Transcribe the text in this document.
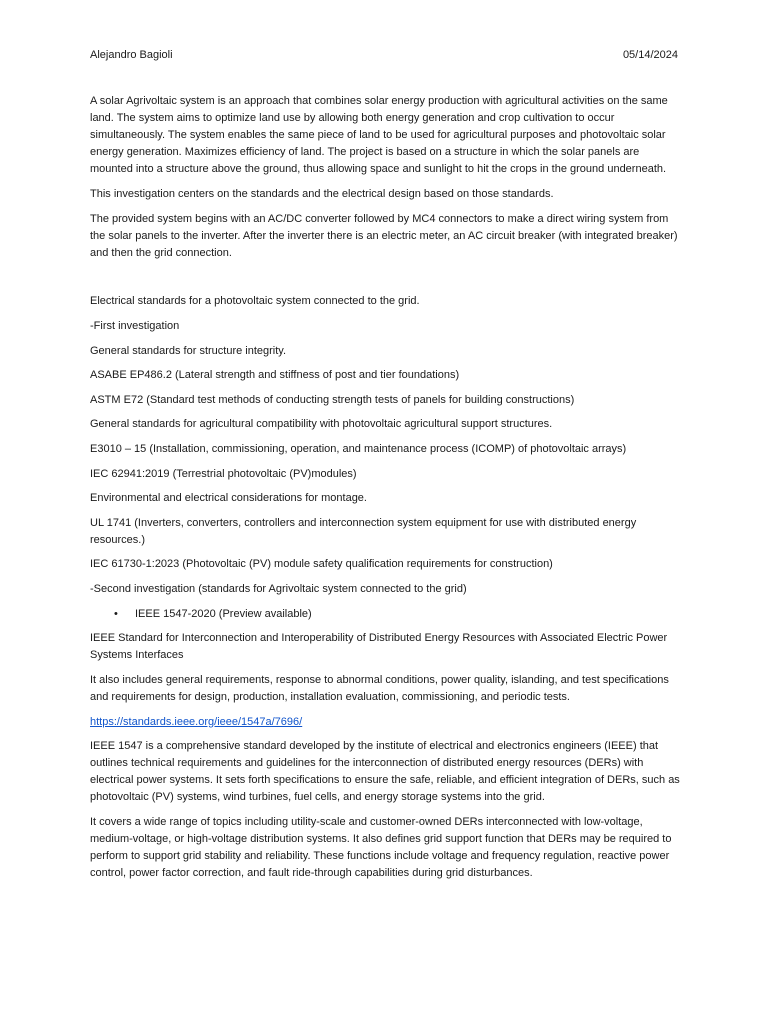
Alejandro Bagioli	05/14/2024

A solar Agrivoltaic system is an approach that combines solar energy production with agricultural activities on the same land. The system aims to optimize land use by allowing both energy generation and crop cultivation to occur simultaneously. The system enables the same piece of land to be used for agricultural purposes and photovoltaic solar energy generation. Maximizes efficiency of land. The project is based on a structure in which the solar panels are mounted into a structure above the ground, thus allowing space and sunlight to hit the crops in the ground underneath.

This investigation centers on the standards and the electrical design based on those standards.

The provided system begins with an AC/DC converter followed by MC4 connectors to make a direct wiring system from the solar panels to the inverter. After the inverter there is an electric meter, an AC circuit breaker (with integrated breaker) and then the grid connection.

Electrical standards for a photovoltaic system connected to the grid.

-First investigation

General standards for structure integrity.

ASABE EP486.2 (Lateral strength and stiffness of post and tier foundations)

ASTM E72 (Standard test methods of conducting strength tests of panels for building constructions)

General standards for agricultural compatibility with photovoltaic agricultural support structures.

E3010 – 15 (Installation, commissioning, operation, and maintenance process (ICOMP) of photovoltaic arrays)

IEC 62941:2019 (Terrestrial photovoltaic (PV)modules)

Environmental and electrical considerations for montage.

UL 1741 (Inverters, converters, controllers and interconnection system equipment for use with distributed energy resources.)

IEC 61730-1:2023 (Photovoltaic (PV) module safety qualification requirements for construction)

-Second investigation (standards for Agrivoltaic system connected to the grid)

•	IEEE 1547-2020 (Preview available)

IEEE Standard for Interconnection and Interoperability of Distributed Energy Resources with Associated Electric Power Systems Interfaces

It also includes general requirements, response to abnormal conditions, power quality, islanding, and test specifications and requirements for design, production, installation evaluation, commissioning, and periodic tests.

https://standards.ieee.org/ieee/1547a/7696/

IEEE 1547 is a comprehensive standard developed by the institute of electrical and electronics engineers (IEEE) that outlines technical requirements and guidelines for the interconnection of distributed energy resources (DERs) with electrical power systems. It sets forth specifications to ensure the safe, reliable, and efficient integration of DERs, such as photovoltaic (PV) systems, wind turbines, fuel cells, and energy storage systems into the grid.

It covers a wide range of topics including utility-scale and customer-owned DERs interconnected with low-voltage, medium-voltage, or high-voltage distribution systems. It also defines grid support function that DERs may be required to perform to support grid stability and reliability. These functions include voltage and frequency regulation, reactive power control, power factor correction, and fault ride-through capabilities during grid disturbances.
